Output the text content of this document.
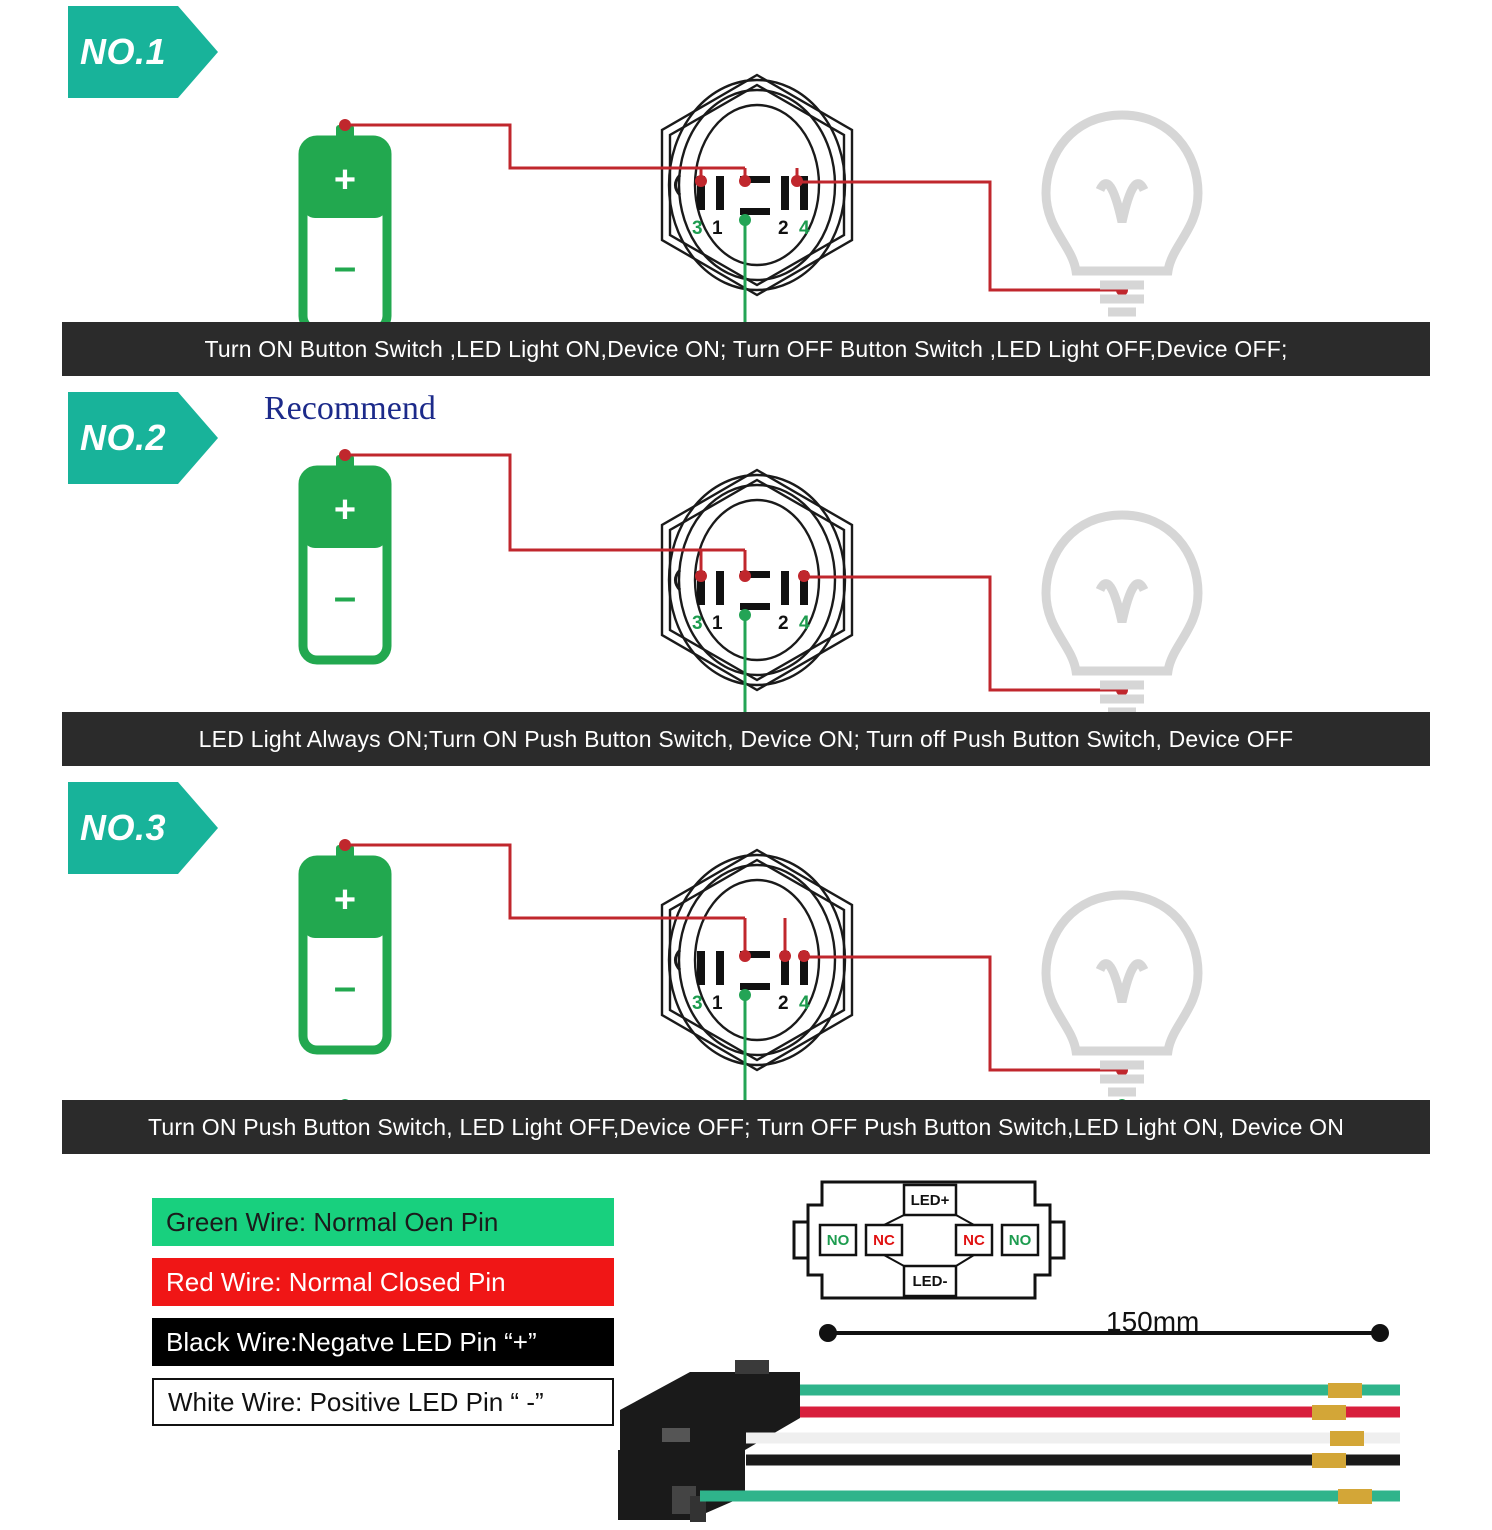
NO.1
+
–
3 1	2 4
Turn ON Button Switch ,LED Light ON,Device ON; Turn OFF Button Switch ,LED Light OFF,Device OFF;
NO.2
Recommend
+
–
3 1	2 4
LED Light Always ON;Turn ON Push Button Switch, Device ON; Turn off Push Button Switch, Device OFF
NO.3
+
–	3 1	2 4
Turn ON Push Button Switch, LED Light OFF,Device OFF; Turn OFF Push Button Switch,LED Light ON, Device ON
Green Wire: Normal Oen Pin
Red Wire: Normal Closed Pin
Black Wire:Negatve LED Pin “+”
White Wire: Positive LED Pin “ -”
LED+
LED-
NO NC	NC NO
150mm
